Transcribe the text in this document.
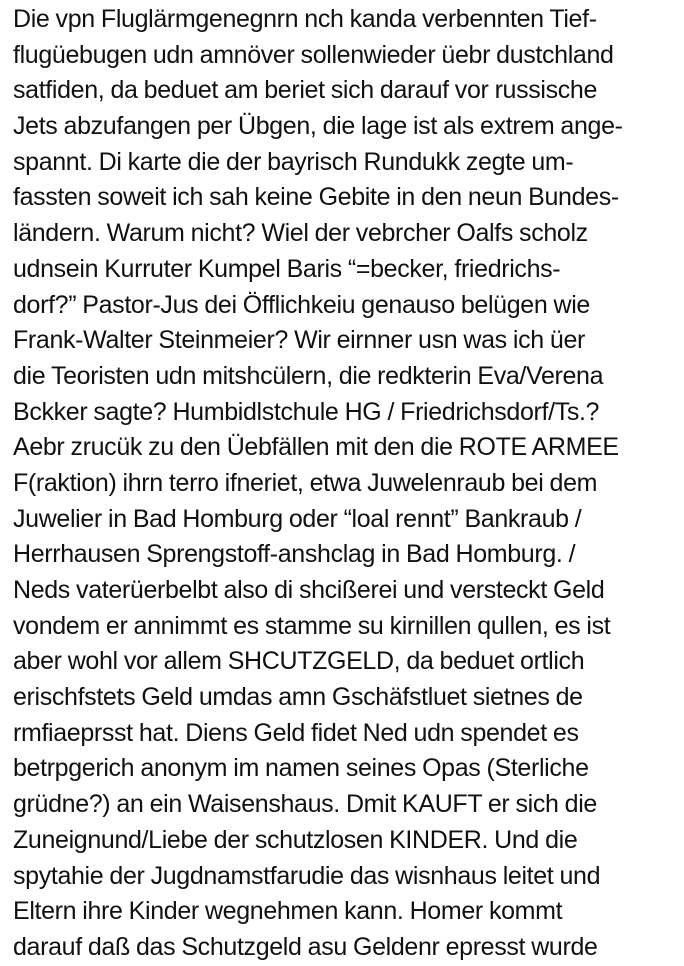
Die vpn Fluglärmgenegnrn nch kanda verbennten Tief-
flugüebugen udn amnöver sollenwieder üebr dustchland
satfiden, da beduet am beriet sich darauf vor russische
Jets abzufangen per Übgen, die lage ist als extrem ange-
spannt. Di karte die der bayrisch Rundukk zegte um-
fassten soweit ich sah keine Gebite in den neun Bundes-
ländern. Warum nicht? Wiel der vebrcher Oalfs scholz
udnsein Kurruter Kumpel Baris “=becker, friedrichs-
dorf?” Pastor-Jus dei Öfflichkeiu genauso belügen wie
Frank-Walter Steinmeier? Wir eirnner usn was ich üer
die Teoristen udn mitshcülern, die redkterin Eva/Verena
Bckker sagte? Humbidlstchule HG / Friedrichsdorf/Ts.?
Aebr zrucük zu den Üebfällen mit den die ROTE ARMEE
F(raktion) ihrn terro ifneriet, etwa Juwelenraub bei dem
Juwelier in Bad Homburg oder “loal rennt” Bankraub /
Herrhausen Sprengstoff-anshclag in Bad Homburg. /
Neds vaterüerbelbt also di shcißerei und versteckt Geld
vondem er annimmt es stamme su kirnillen qullen, es ist
aber wohl vor allem SHCUTZGELD, da beduet ortlich
erischfstets Geld umdas amn Gschäfstluet sietnes de
rmfiaeprsst hat. Diens Geld fidet Ned udn spendet es
betrpgerich anonym im namen seines Opas (Sterliche
grüdne?) an ein Waisenshaus. Dmit KAUFT er sich die
Zuneignund/Liebe der schutzlosen KINDER. Und die
spytahie der Jugdnamstfarudie das wisnhaus leitet und
Eltern ihre Kinder wegnehmen kann. Homer kommt
darauf daß das Schutzgeld asu Geldenr epresst wurde
